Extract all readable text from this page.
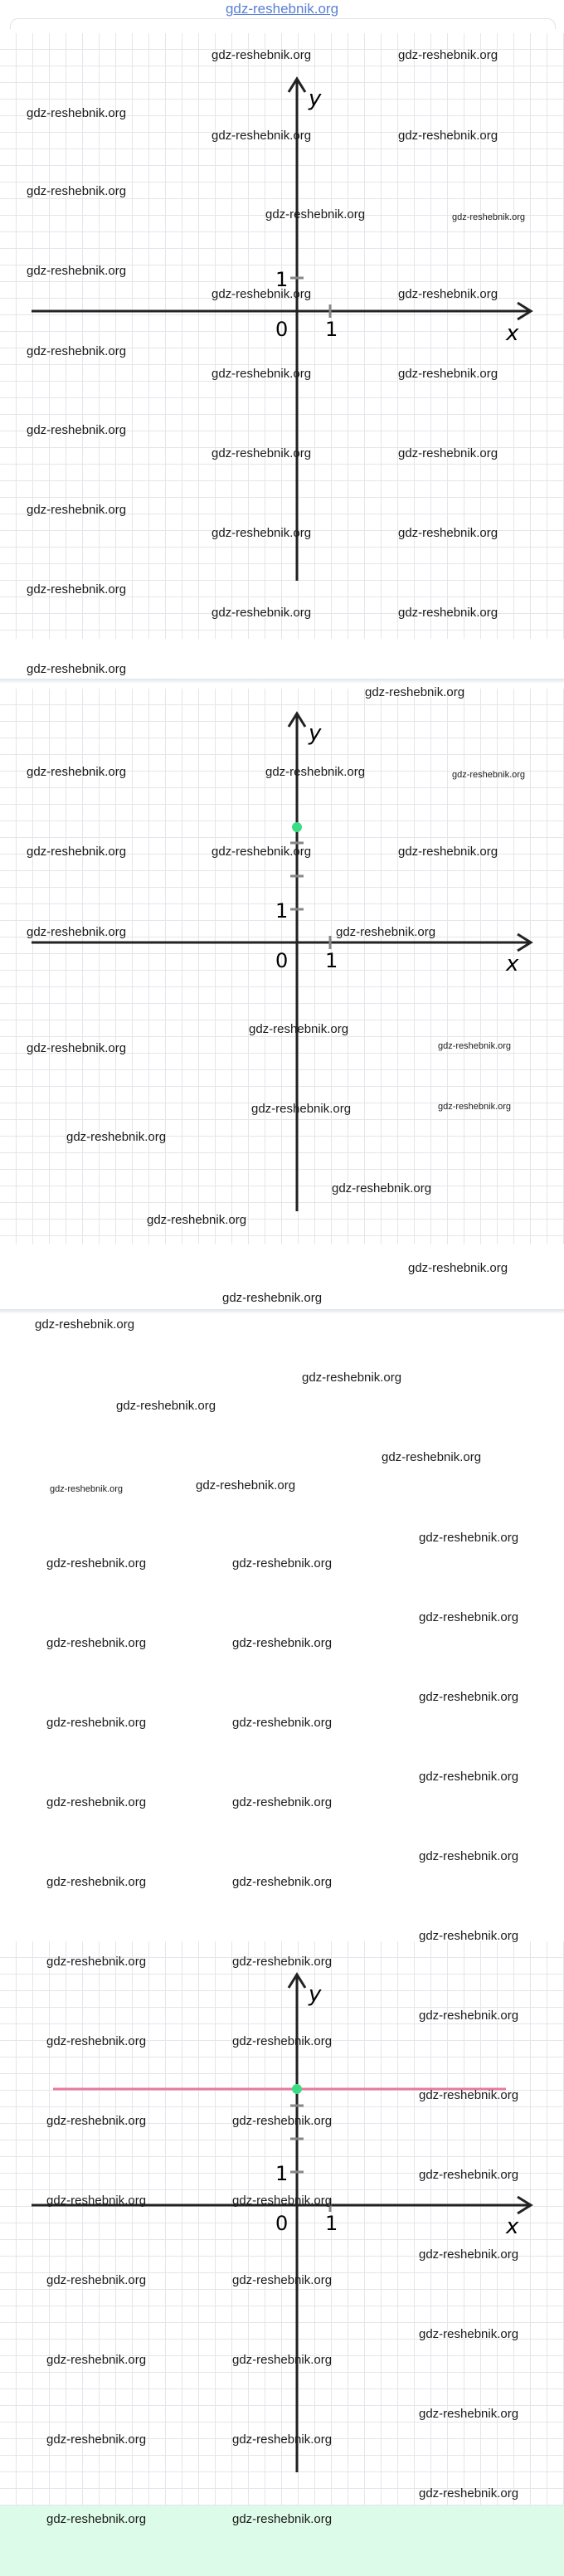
gdz-reshebnik.org
x
y
0 1
1
x
y
0 1
1
x
y
0 1
1
gdz-reshebnik.org	gdz-reshebnik.org
gdz-reshebnik.org
gdz-reshebnik.org	gdz-reshebnik.org
gdz-reshebnik.org
gdz-reshebnik.org	gdz-reshebnik.org
gdz-reshebnik.org
gdz-reshebnik.org	gdz-reshebnik.org
gdz-reshebnik.org
gdz-reshebnik.org	gdz-reshebnik.org
gdz-reshebnik.org
gdz-reshebnik.org	gdz-reshebnik.org
gdz-reshebnik.org
gdz-reshebnik.org	gdz-reshebnik.org
gdz-reshebnik.org
gdz-reshebnik.org	gdz-reshebnik.org
gdz-reshebnik.org
gdz-reshebnik.org
gdz-reshebnik.org	gdz-reshebnik.org	gdz-reshebnik.org
gdz-reshebnik.org	gdz-reshebnik.org	gdz-reshebnik.org
gdz-reshebnik.org	gdz-reshebnik.org
gdz-reshebnik.org
gdz-reshebnik.org	gdz-reshebnik.org
gdz-reshebnik.org	gdz-reshebnik.org
gdz-reshebnik.org
gdz-reshebnik.org
gdz-reshebnik.org
gdz-reshebnik.org
gdz-reshebnik.org
gdz-reshebnik.org
gdz-reshebnik.org
gdz-reshebnik.org
gdz-reshebnik.org
gdz-reshebnik.org	gdz-reshebnik.org
gdz-reshebnik.org
gdz-reshebnik.org	gdz-reshebnik.org
gdz-reshebnik.org
gdz-reshebnik.org	gdz-reshebnik.org
gdz-reshebnik.org
gdz-reshebnik.org	gdz-reshebnik.org
gdz-reshebnik.org
gdz-reshebnik.org	gdz-reshebnik.org
gdz-reshebnik.org
gdz-reshebnik.org	gdz-reshebnik.org
gdz-reshebnik.org
gdz-reshebnik.org	gdz-reshebnik.org
gdz-reshebnik.org
gdz-reshebnik.org	gdz-reshebnik.org
gdz-reshebnik.org
gdz-reshebnik.org	gdz-reshebnik.org
gdz-reshebnik.org
gdz-reshebnik.org	gdz-reshebnik.org
gdz-reshebnik.org
gdz-reshebnik.org	gdz-reshebnik.org
gdz-reshebnik.org
gdz-reshebnik.org	gdz-reshebnik.org
gdz-reshebnik.org
gdz-reshebnik.org	gdz-reshebnik.org
gdz-reshebnik.org
gdz-reshebnik.org	gdz-reshebnik.org
